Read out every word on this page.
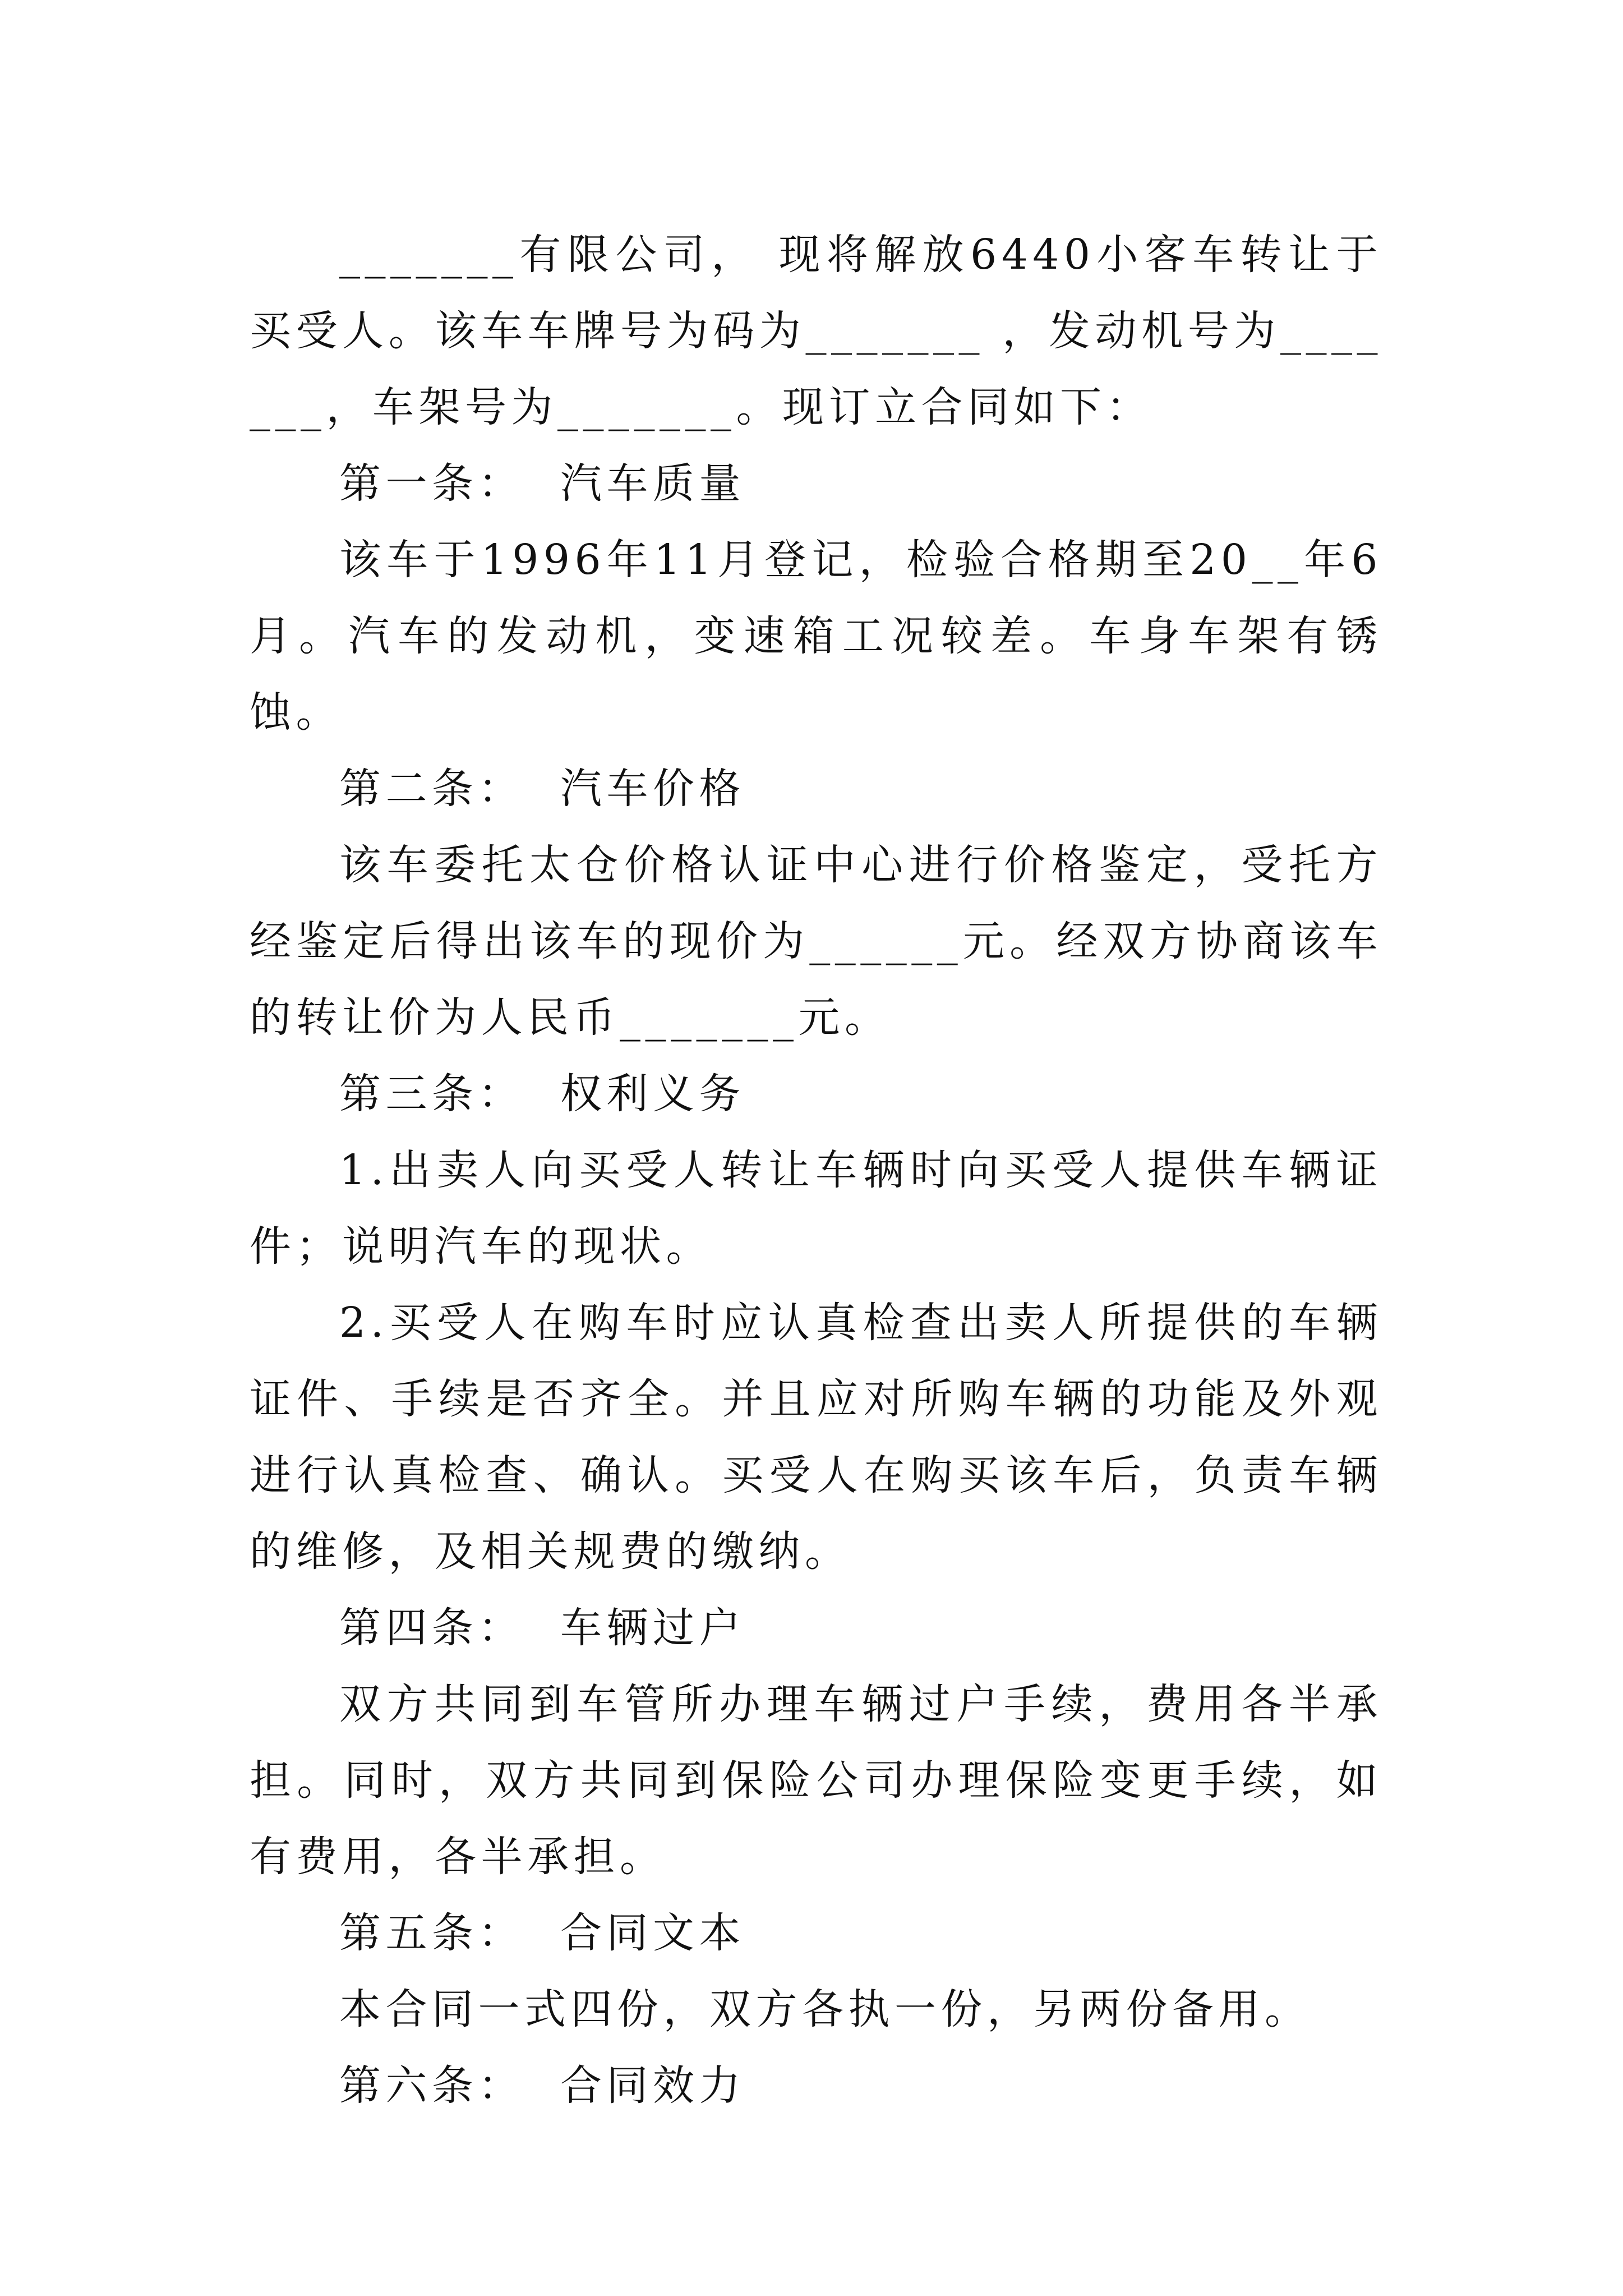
_______有限公司， 现将解放6440小客车转让于买受人。该车车牌号为码为_______ ，发动机号为_______，车架号为_______。现订立合同如下：

第一条：  汽车质量

该车于1996年11月登记，检验合格期至20__年6月。汽车的发动机，变速箱工况较差。车身车架有锈蚀。

第二条：  汽车价格

该车委托太仓价格认证中心进行价格鉴定，受托方经鉴定后得出该车的现价为______元。经双方协商该车的转让价为人民币_______元。

第三条：  权利义务

1.出卖人向买受人转让车辆时向买受人提供车辆证件；说明汽车的现状。

2.买受人在购车时应认真检查出卖人所提供的车辆证件、手续是否齐全。并且应对所购车辆的功能及外观进行认真检查、确认。买受人在购买该车后，负责车辆的维修，及相关规费的缴纳。

第四条：  车辆过户

双方共同到车管所办理车辆过户手续，费用各半承担。同时，双方共同到保险公司办理保险变更手续，如有费用，各半承担。

第五条：  合同文本

本合同一式四份，双方各执一份，另两份备用。

第六条：  合同效力
